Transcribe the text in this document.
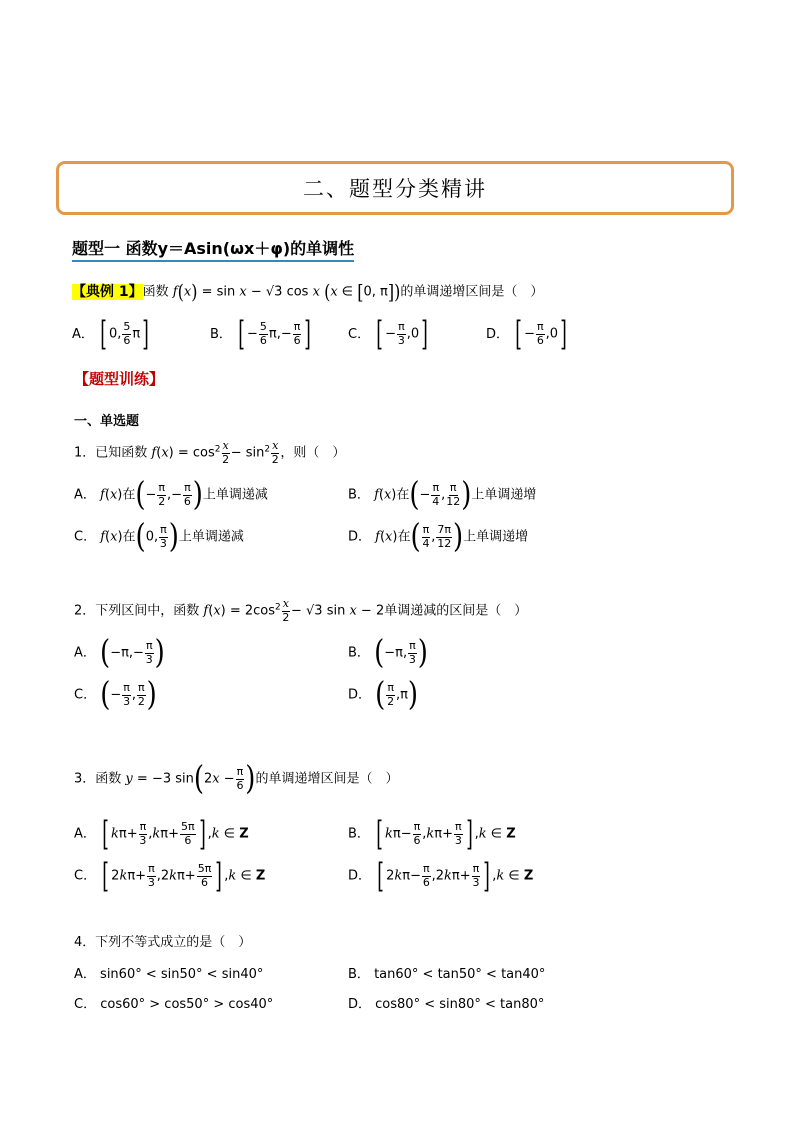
二、题型分类精讲
题型一 函数y＝Asin(ωx＋φ)的单调性
【典例 1】函数 f(x) = sin x − √3 cos x (x ∈ [0, π])的单调递增区间是（　）
A． [ 0, $\frac{5}{6} \pi$]	B． [ − $\frac{5}{6} \pi,- \frac{\pi}{6}$ ]	C． [ − $\frac{\pi}{3} ,0$]	D． [ − $\frac{\pi}{6} ,0$]
【题型训练】
一、单选题
1．已知函数 $f(x) = \cos^2 \frac{x}{2} - \sin^2 \frac{x}{2}$ ，则（　）
A． f(x)在(− $\frac{\pi}{2}$ ,− $\frac{\pi}{6}$ )上单调递减	B． f(x)在(− $\frac{\pi}{4}$ , $\frac{\pi}{12}$ )上单调递增
C． f(x)在(0, $\frac{\pi}{3}$ )上单调递减	D． f(x)在( $\frac{\pi}{4}$ , $\frac{7\pi}{12}$ )上单调递增
2．下列区间中，函数 $f(x) = 2\cos^2 \frac{x}{2} - √3$ sin x − 2单调递减的区间是（　）
A． ($-\pi,- \frac{\pi}{3}$ )	B． (−π, $\frac{\pi}{3}$ )
C． (− $\frac{\pi}{3}$ , $\frac{\pi}{2}$ )	D． ( $\frac{\pi}{2} ,\pi$)
3．函数 y = −3 $\sin(2x - \frac{\pi}{6}$ )的单调递增区间是（　）
A． [ $k\pi+ \frac{\pi}{3} ,k\pi+ \frac{5\pi}{6}$ ] ,k ∈ Z	B． [ $k\pi- \frac{\pi}{6} ,k\pi+ \frac{\pi}{3}$ ] ,k ∈ Z
C． [ $2k\pi+ \frac{\pi}{3} ,2k\pi+ \frac{5\pi}{6}$ ] ,k ∈ Z	D． [ $2k\pi- \frac{\pi}{6} ,2k\pi+ \frac{\pi}{3}$ ] ,k ∈ Z
4．下列不等式成立的是（　）
A． sin60° < sin50° < sin40°	B． tan60° < tan50° < tan40°
C． cos60° > cos50° > cos40°	D． cos80° < sin80° < tan80°
